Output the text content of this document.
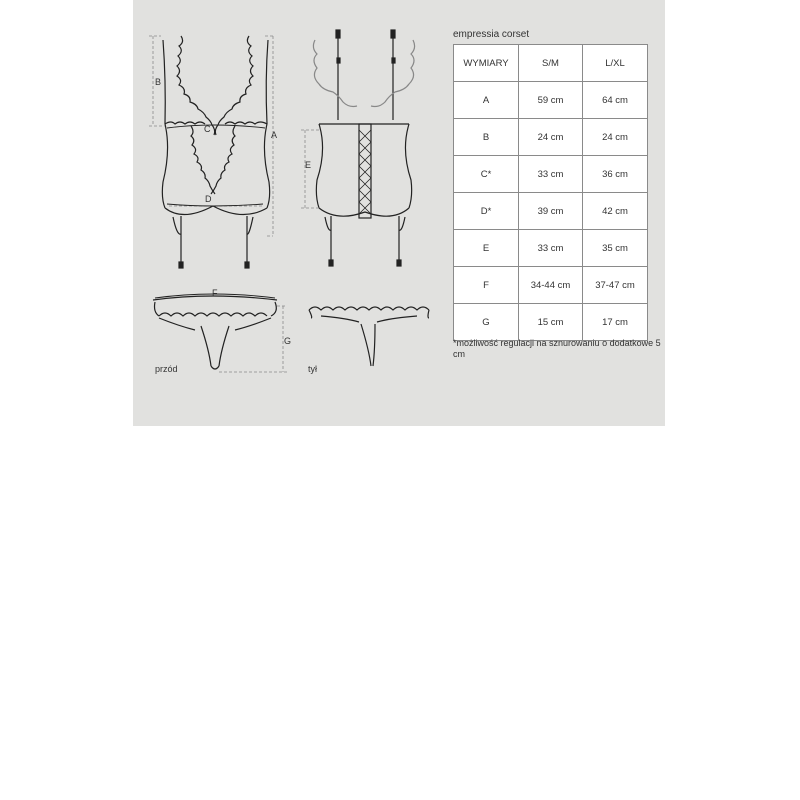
B
C
A
D
E
F
G
przód	tył
empressia corset
WYMIARY	S/M	L/XL
A	59 cm	64 cm
B	24 cm	24 cm
C*	33 cm	36 cm
D*	39 cm	42 cm
E	33 cm	35 cm
F	34-44 cm	37-47 cm
G	15 cm	17 cm
*możliwość regulacji na sznurowaniu o dodatkowe 5 cm
